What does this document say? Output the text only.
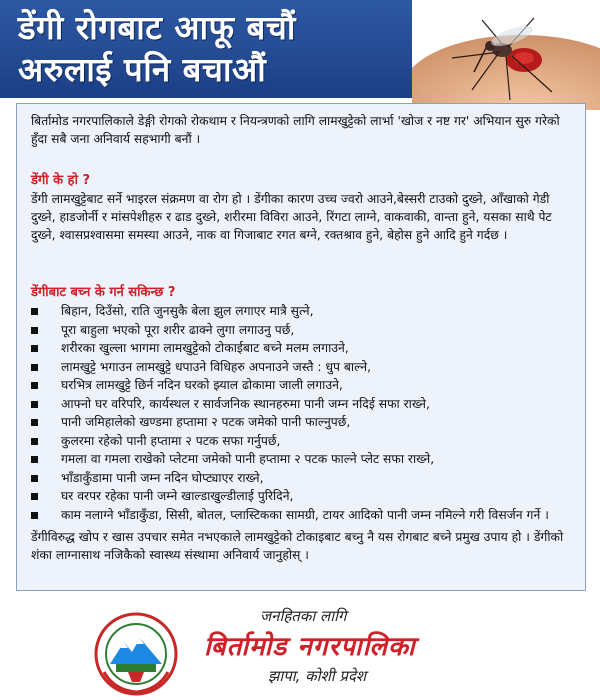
डेंगी रोगबाट आफू बचौं
अरुलाई पनि बचाऔं
बिर्तामोड नगरपालिकाले डेङ्गी रोगको रोकथाम र नियन्त्रणको लागि लामखुट्टेको लार्भा 'खोज र नष्ट गर' अभियान सुरु गरेको हुँदा सबै जना अनिवार्य सहभागी बनौं ।
डेंगी के हो ?
डेंगी लामखुट्टेबाट सर्ने भाइरल संक्रमण वा रोग हो । डेंगीका कारण उच्च ज्वरो आउने,बेस्सरी टाउको दुख्ने, आँखाको गेडी दुख्ने, हाडजोर्नी र मांसपेशीहरु र ढाड दुख्ने, शरीरमा विविरा आउने, रिंगटा लाग्ने, वाकवाकी, वान्ता हुने, यसका साथै पेट दुख्ने, श्वासप्रश्वासमा समस्या आउने, नाक वा गिजाबाट रगत बग्ने, रक्तश्राव हुने, बेहोस हुने आदि हुने गर्दछ ।
डेंगीबाट बच्न के गर्न सकिन्छ ?
बिहान, दिउँसो, राति जुनसुकै बेला झुल लगाएर मात्रै सुत्ने,
पूरा बाहुला भएको पूरा शरीर ढाक्ने लुगा लगाउनु पर्छ,
शरीरका खुल्ला भागमा लामखुट्टेको टोकाईबाट बच्ने मलम लगाउने,
लामखुट्टे भगाउन लामखुट्टे धपाउने विधिहरु अपनाउने जस्तै : धुप बाल्ने,
घरभित्र लामखुट्टे छिर्न नदिन घरको झ्याल ढोकामा जाली लगाउने,
आफ्नो घर वरिपरि, कार्यस्थल र सार्वजनिक स्थानहरुमा पानी जम्न नदिई सफा राख्ने,
पानी जमिहालेको खण्डमा हप्तामा २ पटक जमेको पानी फाल्नुपर्छ,
कुलरमा रहेको पानी हप्तामा २ पटक सफा गर्नुपर्छ,
गमला वा गमला राखेको प्लेटमा जमेको पानी हप्तामा २ पटक फाल्ने प्लेट सफा राख्ने,
भाँडाकुँडामा पानी जम्न नदिन घोप्ट्याएर राख्ने,
घर वरपर रहेका पानी जम्ने खाल्डाखुल्डीलाई पुरिदिने,
काम नलाग्ने भाँडाकुँडा, सिसी, बोतल, प्लास्टिकका सामग्री, टायर आदिको पानी जम्न नमिल्ने गरी विसर्जन गर्ने ।
डेंगीविरुद्ध खोप र खास उपचार समेत नभएकाले लामखुट्टेको टोकाइबाट बच्नु नै यस रोगबाट बच्ने प्रमुख उपाय हो । डेंगीको शंका लाग्नासाथ नजिकैको स्वास्थ्य संस्थामा अनिवार्य जानुहोस् ।
जनहितका लागि
बिर्तामोड नगरपालिका
झापा, कोशी प्रदेश
